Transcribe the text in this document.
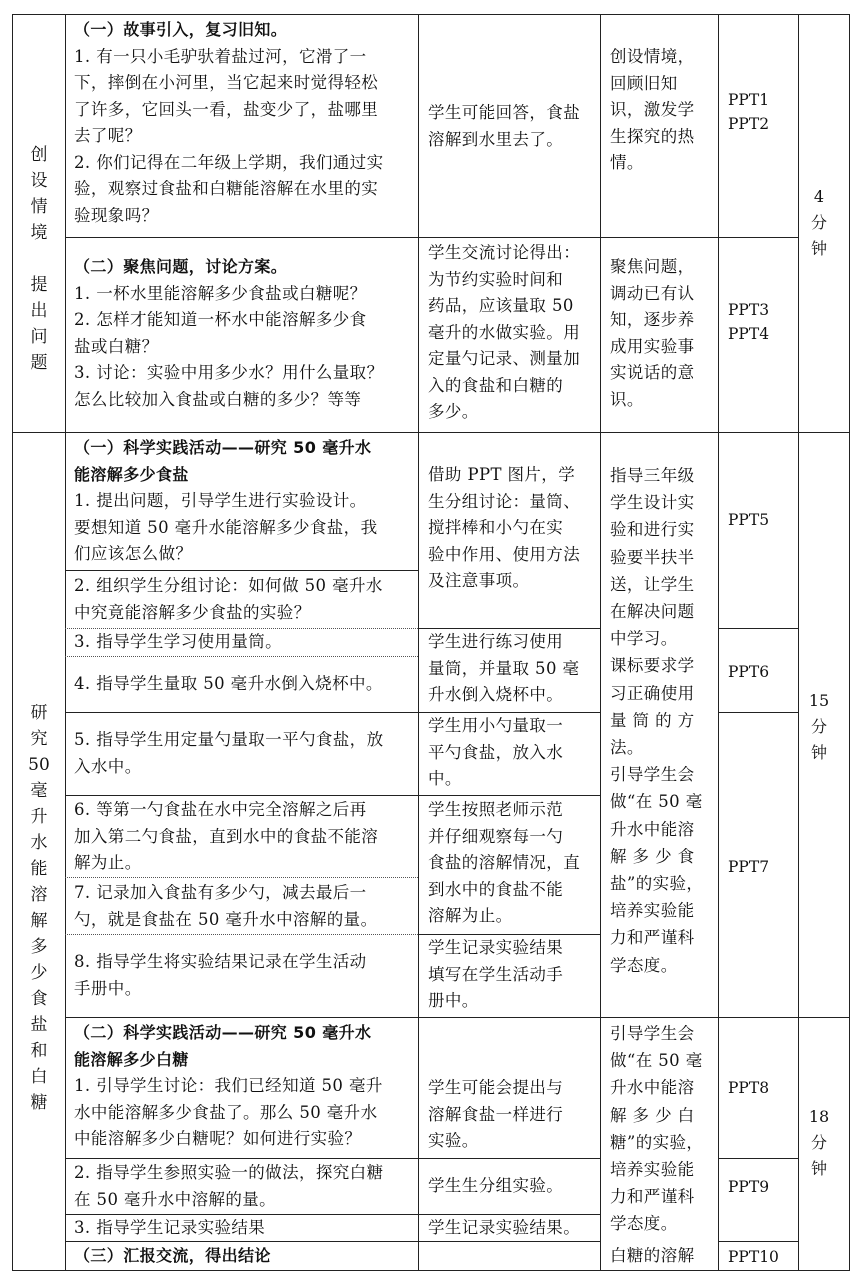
创
设
情
境
提
出
问
题
（一）故事引入，复习旧知。
1. 有一只小毛驴驮着盐过河，它滑了一
下，摔倒在小河里，当它起来时觉得轻松
了许多，它回头一看，盐变少了，盐哪里
去了呢？
2. 你们记得在二年级上学期，我们通过实
验，观察过食盐和白糖能溶解在水里的实
验现象吗？
学生可能回答，食盐
溶解到水里去了。
创设情境，
回顾旧知
识，激发学
生探究的热
情。
PPT1
PPT2
4
分
钟
（二）聚焦问题，讨论方案。
1. 一杯水里能溶解多少食盐或白糖呢？
2. 怎样才能知道一杯水中能溶解多少食
盐或白糖？
3. 讨论：实验中用多少水？用什么量取？
怎么比较加入食盐或白糖的多少？等等
学生交流讨论得出：
为节约实验时间和
药品，应该量取 50
毫升的水做实验。用
定量勺记录、测量加
入的食盐和白糖的
多少。
聚焦问题，
调动已有认
知，逐步养
成用实验事
实说话的意
识。
PPT3
PPT4
研
究
50
毫
升
水
能
溶
解
多
少
食
盐
和
白
糖
（一）科学实践活动——研究 50 毫升水
能溶解多少食盐
1. 提出问题，引导学生进行实验设计。
要想知道 50 毫升水能溶解多少食盐，我
们应该怎么做？
2. 组织学生分组讨论：如何做 50 毫升水
中究竟能溶解多少食盐的实验？
3. 指导学生学习使用量筒。
4. 指导学生量取 50 毫升水倒入烧杯中。
5. 指导学生用定量勺量取一平勺食盐，放
入水中。
6. 等第一勺食盐在水中完全溶解之后再
加入第二勺食盐，直到水中的食盐不能溶
解为止。
7. 记录加入食盐有多少勺，减去最后一
勺，就是食盐在 50 毫升水中溶解的量。
8. 指导学生将实验结果记录在学生活动
手册中。
借助 PPT 图片，学
生分组讨论：量筒、
搅拌棒和小勺在实
验中作用、使用方法
及注意事项。
学生进行练习使用
量筒，并量取 50 毫
升水倒入烧杯中。
学生用小勺量取一
平勺食盐，放入水
中。
学生按照老师示范
并仔细观察每一勺
食盐的溶解情况，直
到水中的食盐不能
溶解为止。
学生记录实验结果
填写在学生活动手
册中。
指导三年级
学生设计实
验和进行实
验要半扶半
送，让学生
在解决问题
中学习。
课标要求学
习正确使用
量 筒 的 方
法。
引导学生会
做“在 50 毫
升水中能溶
解 多 少 食
盐”的实验，
培养实验能
力和严谨科
学态度。
PPT5
PPT6
PPT7
15
分
钟
（二）科学实践活动——研究 50 毫升水
能溶解多少白糖
1. 引导学生讨论：我们已经知道 50 毫升
水中能溶解多少食盐了。那么 50 毫升水
中能溶解多少白糖呢？如何进行实验？
2. 指导学生参照实验一的做法，探究白糖
在 50 毫升水中溶解的量。
3. 指导学生记录实验结果
学生可能会提出与
溶解食盐一样进行
实验。
学生生分组实验。
学生记录实验结果。
引导学生会
做“在 50 毫
升水中能溶
解 多 少 白
糖”的实验，
培养实验能
力和严谨科
学态度。
PPT8
PPT9
18
分
钟
（三）汇报交流，得出结论	白糖的溶解	PPT10
